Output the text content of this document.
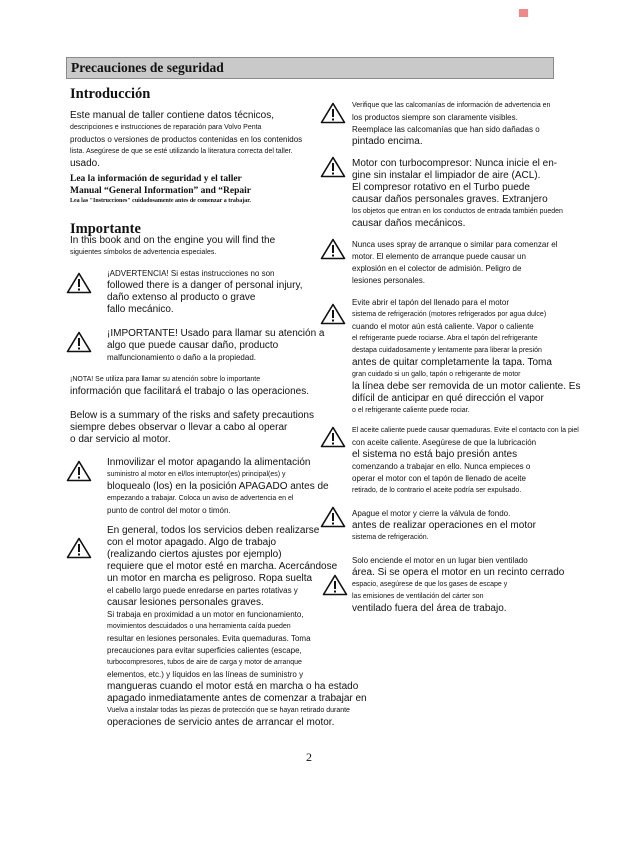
Precauciones de seguridad
Introducción
Este manual de taller contiene datos técnicos,
descripciones e instrucciones de reparación para Volvo Penta
productos o versiones de productos contenidas en los contenidos
lista. Asegúrese de que se esté utilizando la literatura correcta del taller.
usado.
Lea la información de seguridad y el taller
Manual “General Information” and “Repair
Lea las "Instrucciones" cuidadosamente antes de comenzar a trabajar.
Importante
In this book and on the engine you will find the
siguientes símbolos de advertencia especiales.
¡ADVERTENCIA! Si estas instrucciones no son
followed there is a danger of personal injury,
daño extenso al producto o grave
fallo mecánico.
¡IMPORTANTE! Usado para llamar su atención a
algo que puede causar daño, producto
malfuncionamiento o daño a la propiedad.
¡NOTA! Se utiliza para llamar su atención sobre lo importante
información que facilitará el trabajo o las operaciones.
Below is a summary of the risks and safety precautions
siempre debes observar o llevar a cabo al operar
o dar servicio al motor.
Inmovilizar el motor apagando la alimentación
suministro al motor en el/los interruptor(es) principal(es) y
bloquealo (los) en la posición APAGADO antes de
empezando a trabajar. Coloca un aviso de advertencia en el
punto de control del motor o timón.
En general, todos los servicios deben realizarse
con el motor apagado. Algo de trabajo
(realizando ciertos ajustes por ejemplo)
requiere que el motor esté en marcha. Acercándose
un motor en marcha es peligroso. Ropa suelta
el cabello largo puede enredarse en partes rotativas y
causar lesiones personales graves.
Si trabaja en proximidad a un motor en funcionamiento,
movimientos descuidados o una herramienta caída pueden
resultar en lesiones personales. Evita quemaduras. Toma
precauciones para evitar superficies calientes (escape,
turbocompresores, tubos de aire de carga y motor de arranque
elementos, etc.) y líquidos en las líneas de suministro y
mangueras cuando el motor está en marcha o ha estado
apagado inmediatamente antes de comenzar a trabajar en
Vuelva a instalar todas las piezas de protección que se hayan retirado durante
operaciones de servicio antes de arrancar el motor.
Verifique que las calcomanías de información de advertencia en
los productos siempre son claramente visibles.
Reemplace las calcomanías que han sido dañadas o
pintado encima.
Motor con turbocompresor: Nunca inicie el en-
gine sin instalar el limpiador de aire (ACL).
El compresor rotativo en el Turbo puede
causar daños personales graves. Extranjero
los objetos que entran en los conductos de entrada también pueden
causar daños mecánicos.
Nunca uses spray de arranque o similar para comenzar el
motor. El elemento de arranque puede causar un
explosión en el colector de admisión. Peligro de
lesiones personales.
Evite abrir el tapón del llenado para el motor
sistema de refrigeración (motores refrigerados por agua dulce)
cuando el motor aún está caliente. Vapor o caliente
el refrigerante puede rociarse. Abra el tapón del refrigerante
destapa cuidadosamente y lentamente para liberar la presión
antes de quitar completamente la tapa. Toma
gran cuidado si un gallo, tapón o refrigerante de motor
la línea debe ser removida de un motor caliente. Es
difícil de anticipar en qué dirección el vapor
o el refrigerante caliente puede rociar.
El aceite caliente puede causar quemaduras. Evite el contacto con la piel
con aceite caliente. Asegúrese de que la lubricación
el sistema no está bajo presión antes
comenzando a trabajar en ello. Nunca empieces o
operar el motor con el tapón de llenado de aceite
retirado, de lo contrario el aceite podría ser expulsado.
Apague el motor y cierre la válvula de fondo.
antes de realizar operaciones en el motor
sistema de refrigeración.
Solo enciende el motor en un lugar bien ventilado
área. Si se opera el motor en un recinto cerrado
espacio, asegúrese de que los gases de escape y
las emisiones de ventilación del cárter son
ventilado fuera del área de trabajo.
2
